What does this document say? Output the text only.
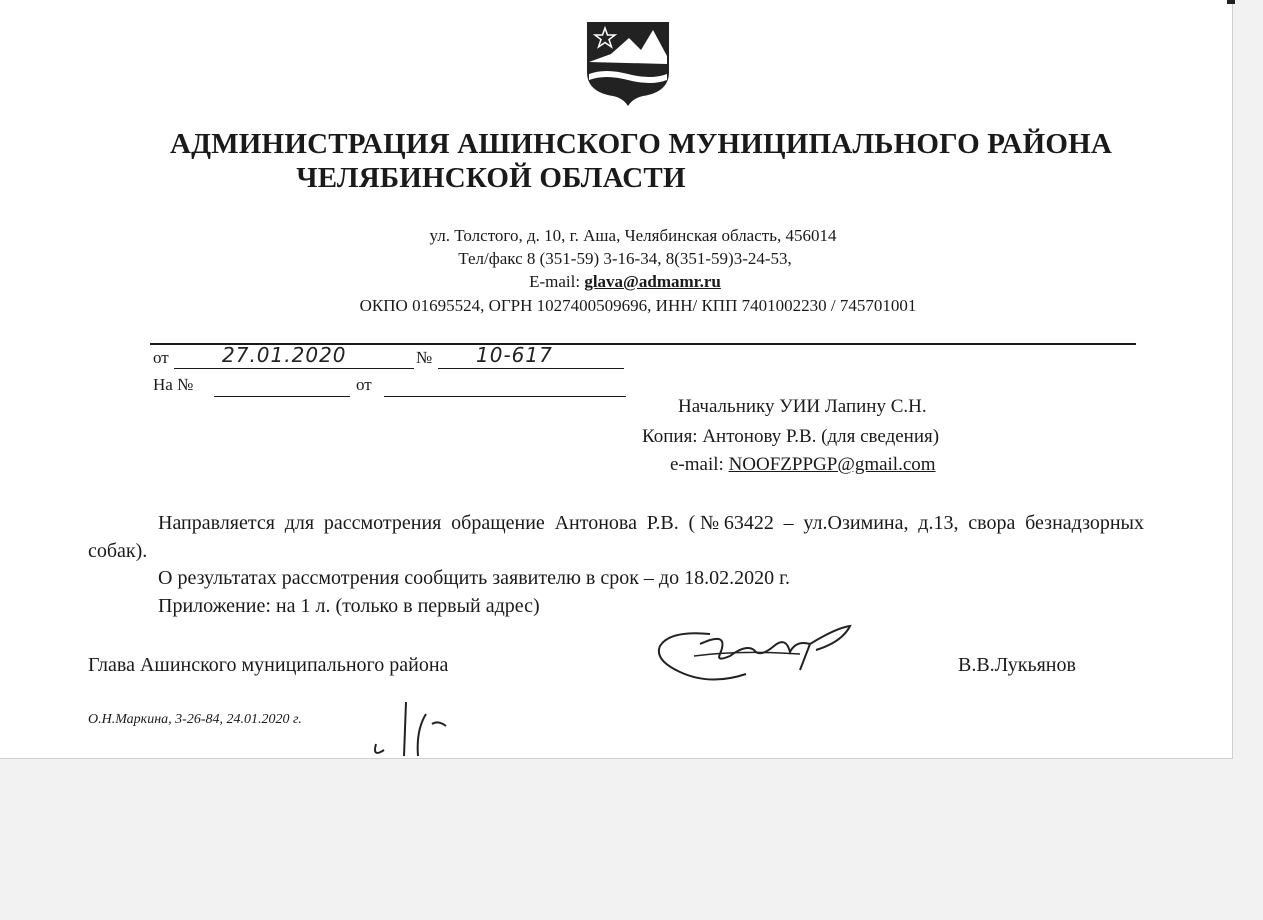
АДМИНИСТРАЦИЯ АШИНСКОГО МУНИЦИПАЛЬНОГО РАЙОНА
ЧЕЛЯБИНСКОЙ ОБЛАСТИ
ул. Толстого, д. 10, г. Аша, Челябинская область, 456014
Тел/факс 8 (351-59) 3-16-34, 8(351-59)3-24-53,
E-mail: glava@admamr.ru
ОКПО 01695524, ОГРН 1027400509696, ИНН/ КПП 7401002230 / 745701001
от	27.01.2020	№ 10-617
На №	от
Начальнику УИИ Лапину С.Н.
Копия: Антонову Р.В. (для сведения)
e-mail: NOOFZPPGP@gmail.com
Направляется для рассмотрения обращение Антонова Р.В. (№63422 – ул.Озимина, д.13, свора безнадзорных собак).
О результатах рассмотрения сообщить заявителю в срок – до 18.02.2020 г.
Приложение: на 1 л. (только в первый адрес)
Глава Ашинского муниципального района	В.В.Лукьянов
О.Н.Маркина, 3-26-84, 24.01.2020 г.
